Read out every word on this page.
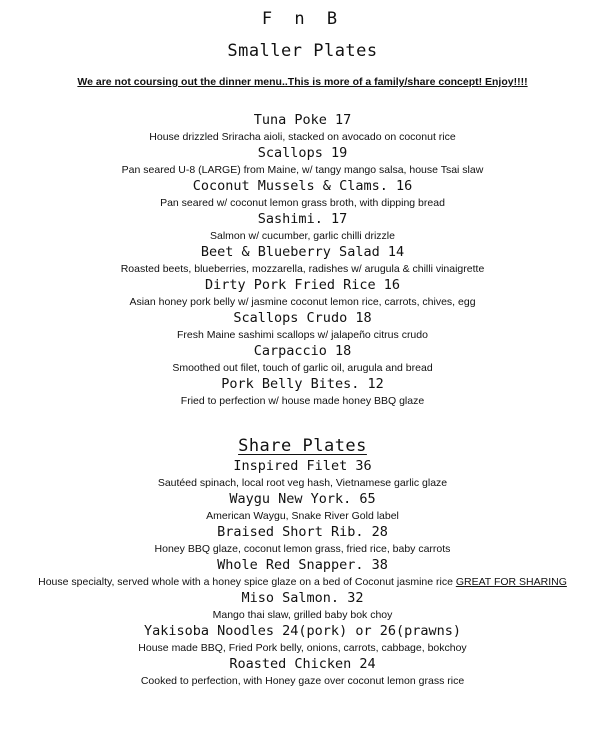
F n B
Smaller Plates
We are not coursing out the dinner menu..This is more of a family/share concept! Enjoy!!!!
Tuna Poke 17
House drizzled Sriracha aioli, stacked on avocado on coconut rice
Scallops 19
Pan seared U-8 (LARGE) from Maine, w/ tangy mango salsa, house Tsai slaw
Coconut Mussels & Clams. 16
Pan seared w/ coconut lemon grass broth, with dipping bread
Sashimi. 17
Salmon w/ cucumber, garlic chilli drizzle
Beet & Blueberry Salad 14
Roasted beets, blueberries, mozzarella, radishes w/ arugula & chilli vinaigrette
Dirty Pork Fried Rice 16
Asian honey pork belly w/ jasmine coconut lemon rice, carrots, chives, egg
Scallops Crudo 18
Fresh Maine sashimi scallops w/ jalapeño citrus crudo
Carpaccio 18
Smoothed out filet, touch of garlic oil, arugula and bread
Pork Belly Bites. 12
Fried to perfection w/ house made honey BBQ glaze
Share Plates
Inspired Filet 36
Sautéed spinach, local root veg hash, Vietnamese garlic glaze
Waygu New York. 65
American Waygu, Snake River Gold label
Braised Short Rib. 28
Honey BBQ glaze, coconut lemon grass, fried rice, baby carrots
Whole Red Snapper. 38
House specialty, served whole with a honey spice glaze on a bed of Coconut jasmine rice GREAT FOR SHARING
Miso Salmon. 32
Mango thai slaw, grilled baby bok choy
Yakisoba Noodles 24(pork) or 26(prawns)
House made BBQ, Fried Pork belly, onions, carrots, cabbage, bokchoy
Roasted Chicken 24
Cooked to perfection, with Honey gaze over coconut lemon grass rice
